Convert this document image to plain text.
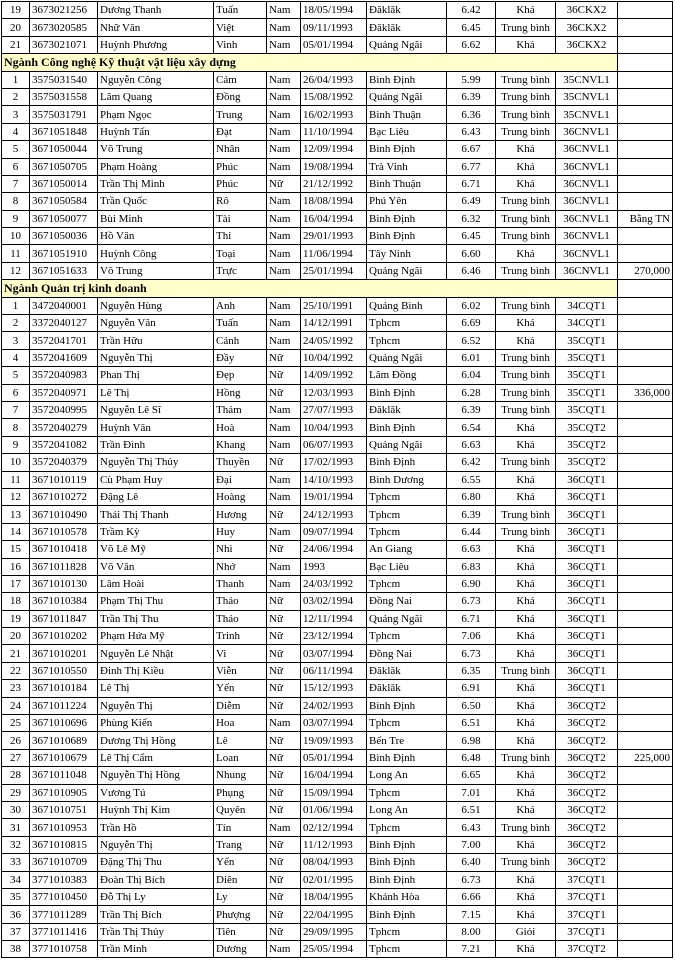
19	3673021256	Dương Thanh	Tuấn	Nam	18/05/1994	Đăklăk	6.42	Khá	36CKX2	
20	3673020585	Nhữ Văn	Việt	Nam	09/11/1993	Đăklăk	6.45	Trung bình	36CKX2	
21	3673021071	Huỳnh Phương	Vinh	Nam	05/01/1994	Quảng Ngãi	6.62	Khá	36CKX2	
Ngành Công nghệ Kỹ thuật vật liệu xây dựng										
1	3575031540	Nguyễn Công	Cảm	Nam	26/04/1993	Bình Định	5.99	Trung bình	35CNVL1	
2	3575031558	Lâm Quang	Đồng	Nam	15/08/1992	Quảng Ngãi	6.39	Trung bình	35CNVL1	
3	3575031791	Phạm Ngọc	Trung	Nam	16/02/1993	Bình Thuận	6.36	Trung bình	35CNVL1	
4	3671051848	Huỳnh Tấn	Đạt	Nam	11/10/1994	Bạc Liêu	6.43	Trung bình	36CNVL1	
5	3671050044	Võ Trung	Nhân	Nam	12/09/1994	Bình Định	6.67	Khá	36CNVL1	
6	3671050705	Phạm Hoàng	Phúc	Nam	19/08/1994	Trà Vinh	6.77	Khá	36CNVL1	
7	3671050014	Trần Thị Minh	Phúc	Nữ	21/12/1992	Bình Thuận	6.71	Khá	36CNVL1	
8	3671050584	Trần Quốc	Rô	Nam	18/08/1994	Phú Yên	6.49	Trung bình	36CNVL1	
9	3671050077	Bùi Minh	Tài	Nam	16/04/1994	Bình Định	6.32	Trung bình	36CNVL1	Bằng TN
10	3671050036	Hồ Văn	Thi	Nam	29/01/1993	Bình Định	6.45	Trung bình	36CNVL1	
11	3671051910	Huỳnh Công	Toại	Nam	11/06/1994	Tây Ninh	6.60	Khá	36CNVL1	
12	3671051633	Võ Trung	Trực	Nam	25/01/1994	Quảng Ngãi	6.46	Trung bình	36CNVL1	270,000
Ngành Quản trị kinh doanh										
1	3472040001	Nguyễn Hùng	Anh	Nam	25/10/1991	Quảng Bình	6.02	Trung bình	34CQT1	
2	3372040127	Nguyễn Văn	Tuấn	Nam	14/12/1991	Tphcm	6.69	Khá	34CQT1	
3	3572041701	Trần Hữu	Cảnh	Nam	24/05/1992	Tphcm	6.52	Khá	35CQT1	
4	3572041609	Nguyễn Thị	Đầy	Nữ	10/04/1992	Quảng Ngãi	6.01	Trung bình	35CQT1	
5	3572040983	Phan Thị	Đẹp	Nữ	14/09/1992	Lâm Đồng	6.04	Trung bình	35CQT1	
6	3572040971	Lê Thị	Hồng	Nữ	12/03/1993	Bình Định	6.28	Trung bình	35CQT1	336,000
7	3572040995	Nguyễn Lê Sĩ	Thám	Nam	27/07/1993	Đăklăk	6.39	Trung bình	35CQT1	
8	3572040279	Huỳnh Văn	Hoà	Nam	10/04/1993	Bình Định	6.54	Khá	35CQT2	
9	3572041082	Trần Đình	Khang	Nam	06/07/1993	Quảng Ngãi	6.63	Khá	35CQT2	
10	3572040379	Nguyễn Thị Thủy	Thuyền	Nữ	17/02/1993	Bình Định	6.42	Trung bình	35CQT2	
11	3671010119	Cù Phạm Huy	Đại	Nam	14/10/1993	Bình Dương	6.55	Khá	36CQT1	
12	3671010272	Đặng Lê	Hoàng	Nam	19/01/1994	Tphcm	6.80	Khá	36CQT1	
13	3671010490	Thái Thị Thanh	Hương	Nữ	24/12/1993	Tphcm	6.39	Trung bình	36CQT1	
14	3671010578	Trầm Kỳ	Huy	Nam	09/07/1994	Tphcm	6.44	Trung bình	36CQT1	
15	3671010418	Võ Lê Mỹ	Nhi	Nữ	24/06/1994	An Giang	6.63	Khá	36CQT1	
16	3671011828	Võ Văn	Nhớ	Nam	1993	Bạc Liêu	6.83	Khá	36CQT1	
17	3671010130	Lâm Hoài	Thanh	Nam	24/03/1992	Tphcm	6.90	Khá	36CQT1	
18	3671010384	Phạm Thị Thu	Thảo	Nữ	03/02/1994	Đồng Nai	6.73	Khá	36CQT1	
19	3671011847	Trần Thị Thu	Thảo	Nữ	12/11/1994	Quảng Ngãi	6.71	Khá	36CQT1	
20	3671010202	Phạm Hứa Mỹ	Trinh	Nữ	23/12/1994	Tphcm	7.06	Khá	36CQT1	
21	3671010201	Nguyễn Lê Nhật	Vi	Nữ	03/07/1994	Đồng Nai	6.73	Khá	36CQT1	
22	3671010550	Đinh Thị Kiều	Viễn	Nữ	06/11/1994	Đăklăk	6.35	Trung bình	36CQT1	
23	3671010184	Lê Thị	Yến	Nữ	15/12/1993	Đăklăk	6.91	Khá	36CQT1	
24	3671011224	Nguyễn Thị	Diễm	Nữ	24/02/1993	Bình Định	6.50	Khá	36CQT2	
25	3671010696	Phùng Kiến	Hoa	Nam	03/07/1994	Tphcm	6.51	Khá	36CQT2	
26	3671010689	Dương Thị Hồng	Lê	Nữ	19/09/1993	Bến Tre	6.98	Khá	36CQT2	
27	3671010679	Lê Thị Cẩm	Loan	Nữ	05/01/1994	Bình Định	6.48	Trung bình	36CQT2	225,000
28	3671011048	Nguyễn Thị Hồng	Nhung	Nữ	16/04/1994	Long An	6.65	Khá	36CQT2	
29	3671010905	Vương Tú	Phụng	Nữ	15/09/1994	Tphcm	7.01	Khá	36CQT2	
30	3671010751	Huỳnh Thị Kim	Quyên	Nữ	01/06/1994	Long An	6.51	Khá	36CQT2	
31	3671010953	Trần Hồ	Tín	Nam	02/12/1994	Tphcm	6.43	Trung bình	36CQT2	
32	3671010815	Nguyễn Thị	Trang	Nữ	11/12/1993	Bình Định	7.00	Khá	36CQT2	
33	3671010709	Đặng Thị Thu	Yến	Nữ	08/04/1993	Bình Định	6.40	Trung bình	36CQT2	
34	3771010383	Đoàn Thị Bích	Diên	Nữ	02/01/1995	Bình Định	6.73	Khá	37CQT1	
35	3771010450	Đỗ Thị Ly	Ly	Nữ	18/04/1995	Khánh Hòa	6.66	Khá	37CQT1	
36	3771011289	Trần Thị Bích	Phượng	Nữ	22/04/1995	Bình Định	7.15	Khá	37CQT1	
37	3771011416	Trần Thị Thủy	Tiên	Nữ	29/09/1995	Tphcm	8.00	Giỏi	37CQT1	
38	3771010758	Trần Minh	Dương	Nam	25/05/1994	Tphcm	7.21	Khá	37CQT2	
